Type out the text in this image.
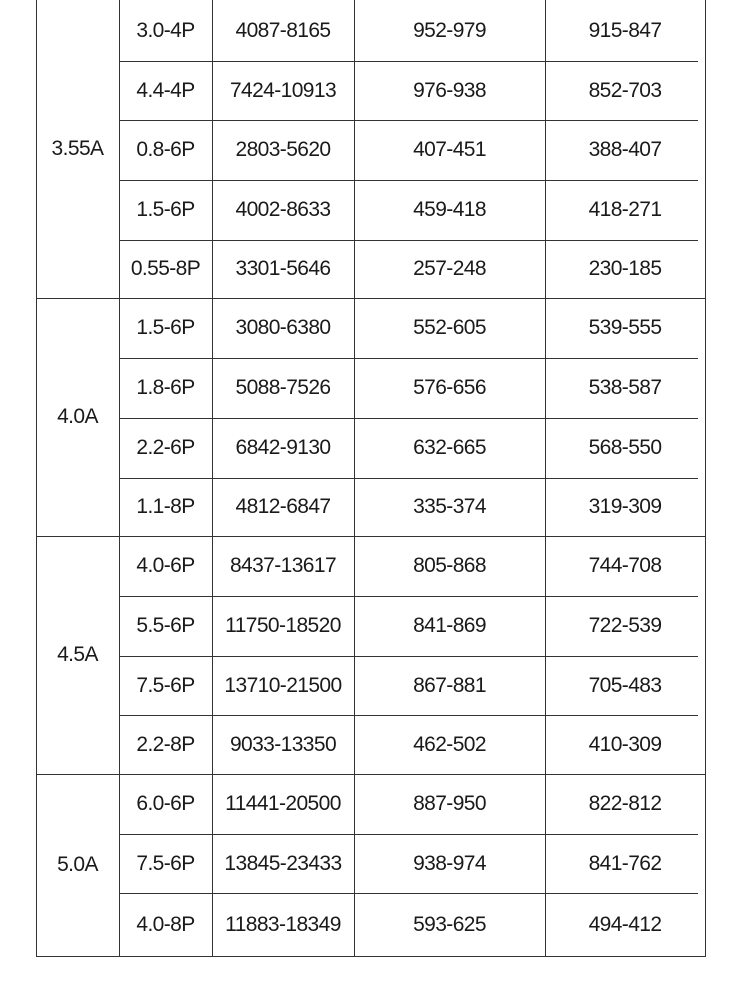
3.55A
3.0-4P	4087-8165	952-979	915-847
4.4-4P	7424-10913	976-938	852-703
0.8-6P	2803-5620	407-451	388-407
1.5-6P	4002-8633	459-418	418-271
0.55-8P	3301-5646	257-248	230-185
4.0A
1.5-6P	3080-6380	552-605	539-555
1.8-6P	5088-7526	576-656	538-587
2.2-6P	6842-9130	632-665	568-550
1.1-8P	4812-6847	335-374	319-309
4.5A
4.0-6P	8437-13617	805-868	744-708
5.5-6P	11750-18520	841-869	722-539
7.5-6P	13710-21500	867-881	705-483
2.2-8P	9033-13350	462-502	410-309
5.0A
6.0-6P	11441-20500	887-950	822-812
7.5-6P	13845-23433	938-974	841-762
4.0-8P	11883-18349	593-625	494-412
